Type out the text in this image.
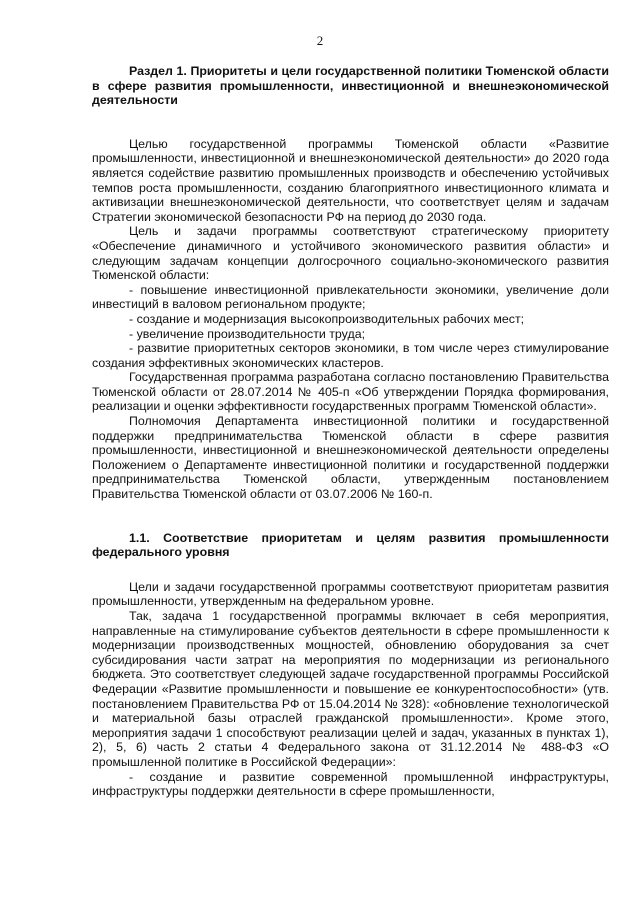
2

Раздел 1. Приоритеты и цели государственной политики Тюменской области в сфере развития промышленности, инвестиционной и внешнеэкономической деятельности

Целью государственной программы Тюменской области «Развитие промышленности, инвестиционной и внешнеэкономической деятельности» до 2020 года является содействие развитию промышленных производств и обеспечению устойчивых темпов роста промышленности, созданию благоприятного инвестиционного климата и активизации внешнеэкономической деятельности, что соответствует целям и задачам Стратегии экономической безопасности РФ на период до 2030 года.

Цель и задачи программы соответствуют стратегическому приоритету «Обеспечение динамичного и устойчивого экономического развития области» и следующим задачам концепции долгосрочного социально-экономического развития Тюменской области:

- повышение инвестиционной привлекательности экономики, увеличение доли инвестиций в валовом региональном продукте;

- создание и модернизация высокопроизводительных рабочих мест;

- увеличение производительности труда;

- развитие приоритетных секторов экономики, в том числе через стимулирование создания эффективных экономических кластеров.

Государственная программа разработана согласно постановлению Правительства Тюменской области от 28.07.2014 № 405-п «Об утверждении Порядка формирования, реализации и оценки эффективности государственных программ Тюменской области».

Полномочия Департамента инвестиционной политики и государственной поддержки предпринимательства Тюменской области в сфере развития промышленности, инвестиционной и внешнеэкономической деятельности определены Положением о Департаменте инвестиционной политики и государственной поддержки предпринимательства Тюменской области, утвержденным постановлением Правительства Тюменской области от 03.07.2006 № 160-п.

1.1. Соответствие приоритетам и целям развития промышленности федерального уровня

Цели и задачи государственной программы соответствуют приоритетам развития промышленности, утвержденным на федеральном уровне.

Так, задача 1 государственной программы включает в себя мероприятия, направленные на стимулирование субъектов деятельности в сфере промышленности к модернизации производственных мощностей, обновлению оборудования за счет субсидирования части затрат на мероприятия по модернизации из регионального бюджета. Это соответствует следующей задаче государственной программы Российской Федерации «Развитие промышленности и повышение ее конкурентоспособности» (утв. постановлением Правительства РФ от 15.04.2014 № 328): «обновление технологической и материальной базы отраслей гражданской промышленности». Кроме этого, мероприятия задачи 1 способствуют реализации целей и задач, указанных в пунктах 1), 2), 5, 6) часть 2 статьи 4 Федерального закона от 31.12.2014 № 488-ФЗ «О промышленной политике в Российской Федерации»:

- создание и развитие современной промышленной инфраструктуры, инфраструктуры поддержки деятельности в сфере промышленности,
